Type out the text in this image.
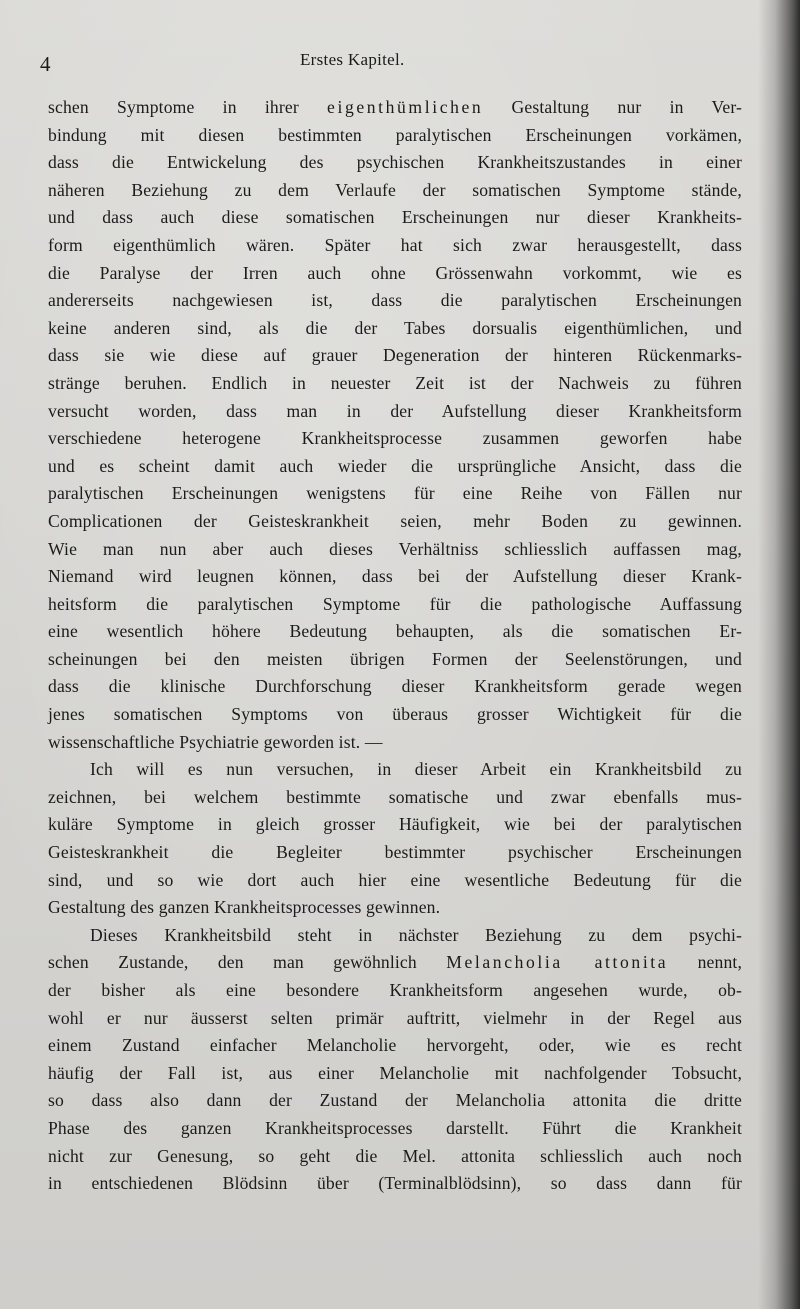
4	Erstes Kapitel.
schen Symptome in ihrer eigenthümlichen Gestaltung nur in Ver-
bindung mit diesen bestimmten paralytischen Erscheinungen vorkämen,
dass die Entwickelung des psychischen Krankheitszustandes in einer
näheren Beziehung zu dem Verlaufe der somatischen Symptome stände,
und dass auch diese somatischen Erscheinungen nur dieser Krankheits-
form eigenthümlich wären. Später hat sich zwar herausgestellt, dass
die Paralyse der Irren auch ohne Grössenwahn vorkommt, wie es
andererseits nachgewiesen ist, dass die paralytischen Erscheinungen
keine anderen sind, als die der Tabes dorsualis eigenthümlichen, und
dass sie wie diese auf grauer Degeneration der hinteren Rückenmarks-
stränge beruhen. Endlich in neuester Zeit ist der Nachweis zu führen
versucht worden, dass man in der Aufstellung dieser Krankheitsform
verschiedene heterogene Krankheitsprocesse zusammen geworfen habe
und es scheint damit auch wieder die ursprüngliche Ansicht, dass die
paralytischen Erscheinungen wenigstens für eine Reihe von Fällen nur
Complicationen der Geisteskrankheit seien, mehr Boden zu gewinnen.
Wie man nun aber auch dieses Verhältniss schliesslich auffassen mag,
Niemand wird leugnen können, dass bei der Aufstellung dieser Krank-
heitsform die paralytischen Symptome für die pathologische Auffassung
eine wesentlich höhere Bedeutung behaupten, als die somatischen Er-
scheinungen bei den meisten übrigen Formen der Seelenstörungen, und
dass die klinische Durchforschung dieser Krankheitsform gerade wegen
jenes somatischen Symptoms von überaus grosser Wichtigkeit für die
wissenschaftliche Psychiatrie geworden ist. —
Ich will es nun versuchen, in dieser Arbeit ein Krankheitsbild zu
zeichnen, bei welchem bestimmte somatische und zwar ebenfalls mus-
kuläre Symptome in gleich grosser Häufigkeit, wie bei der paralytischen
Geisteskrankheit die Begleiter bestimmter psychischer Erscheinungen
sind, und so wie dort auch hier eine wesentliche Bedeutung für die
Gestaltung des ganzen Krankheitsprocesses gewinnen.
Dieses Krankheitsbild steht in nächster Beziehung zu dem psychi-
schen Zustande, den man gewöhnlich Melancholia attonita nennt,
der bisher als eine besondere Krankheitsform angesehen wurde, ob-
wohl er nur äusserst selten primär auftritt, vielmehr in der Regel aus
einem Zustand einfacher Melancholie hervorgeht, oder, wie es recht
häufig der Fall ist, aus einer Melancholie mit nachfolgender Tobsucht,
so dass also dann der Zustand der Melancholia attonita die dritte
Phase des ganzen Krankheitsprocesses darstellt. Führt die Krankheit
nicht zur Genesung, so geht die Mel. attonita schliesslich auch noch
in entschiedenen Blödsinn über (Terminalblödsinn), so dass dann für
